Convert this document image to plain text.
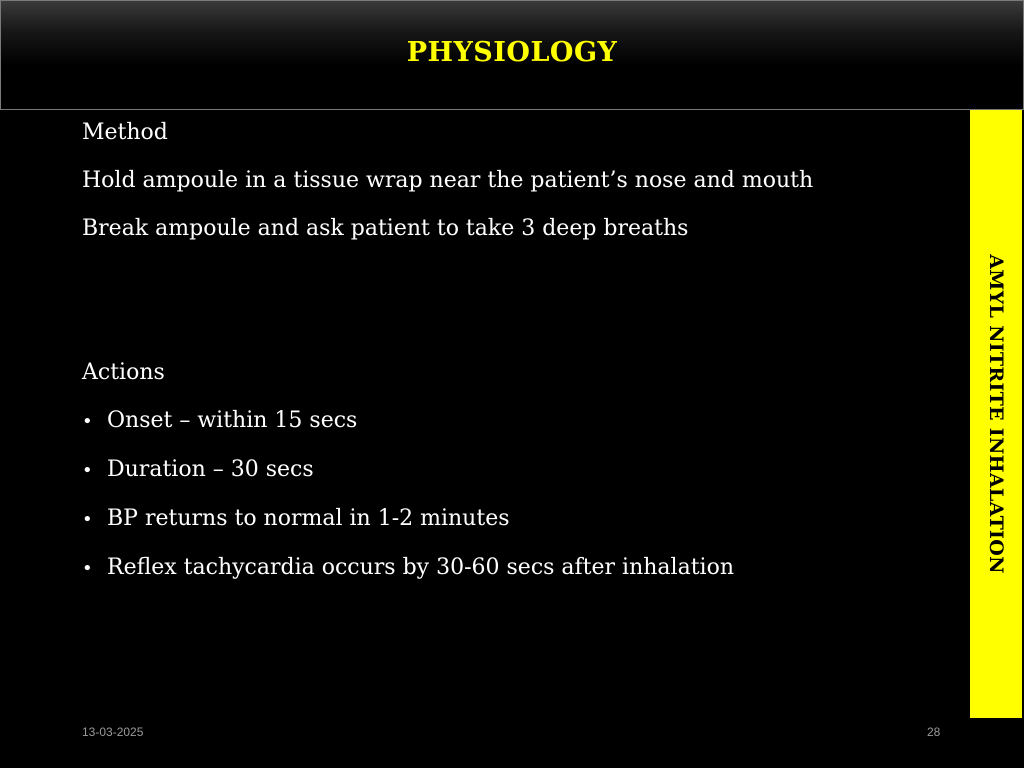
PHYSIOLOGY
Method
Hold ampoule in a tissue wrap near the patient’s nose and mouth
Break ampoule and ask patient to take 3 deep breaths
Actions
• Onset – within 15 secs
• Duration – 30 secs
• BP returns to normal in 1-2 minutes
• Reflex tachycardia occurs by 30-60 secs after inhalation	AMYL NITRITE INHALATION
13-03-2025	28
